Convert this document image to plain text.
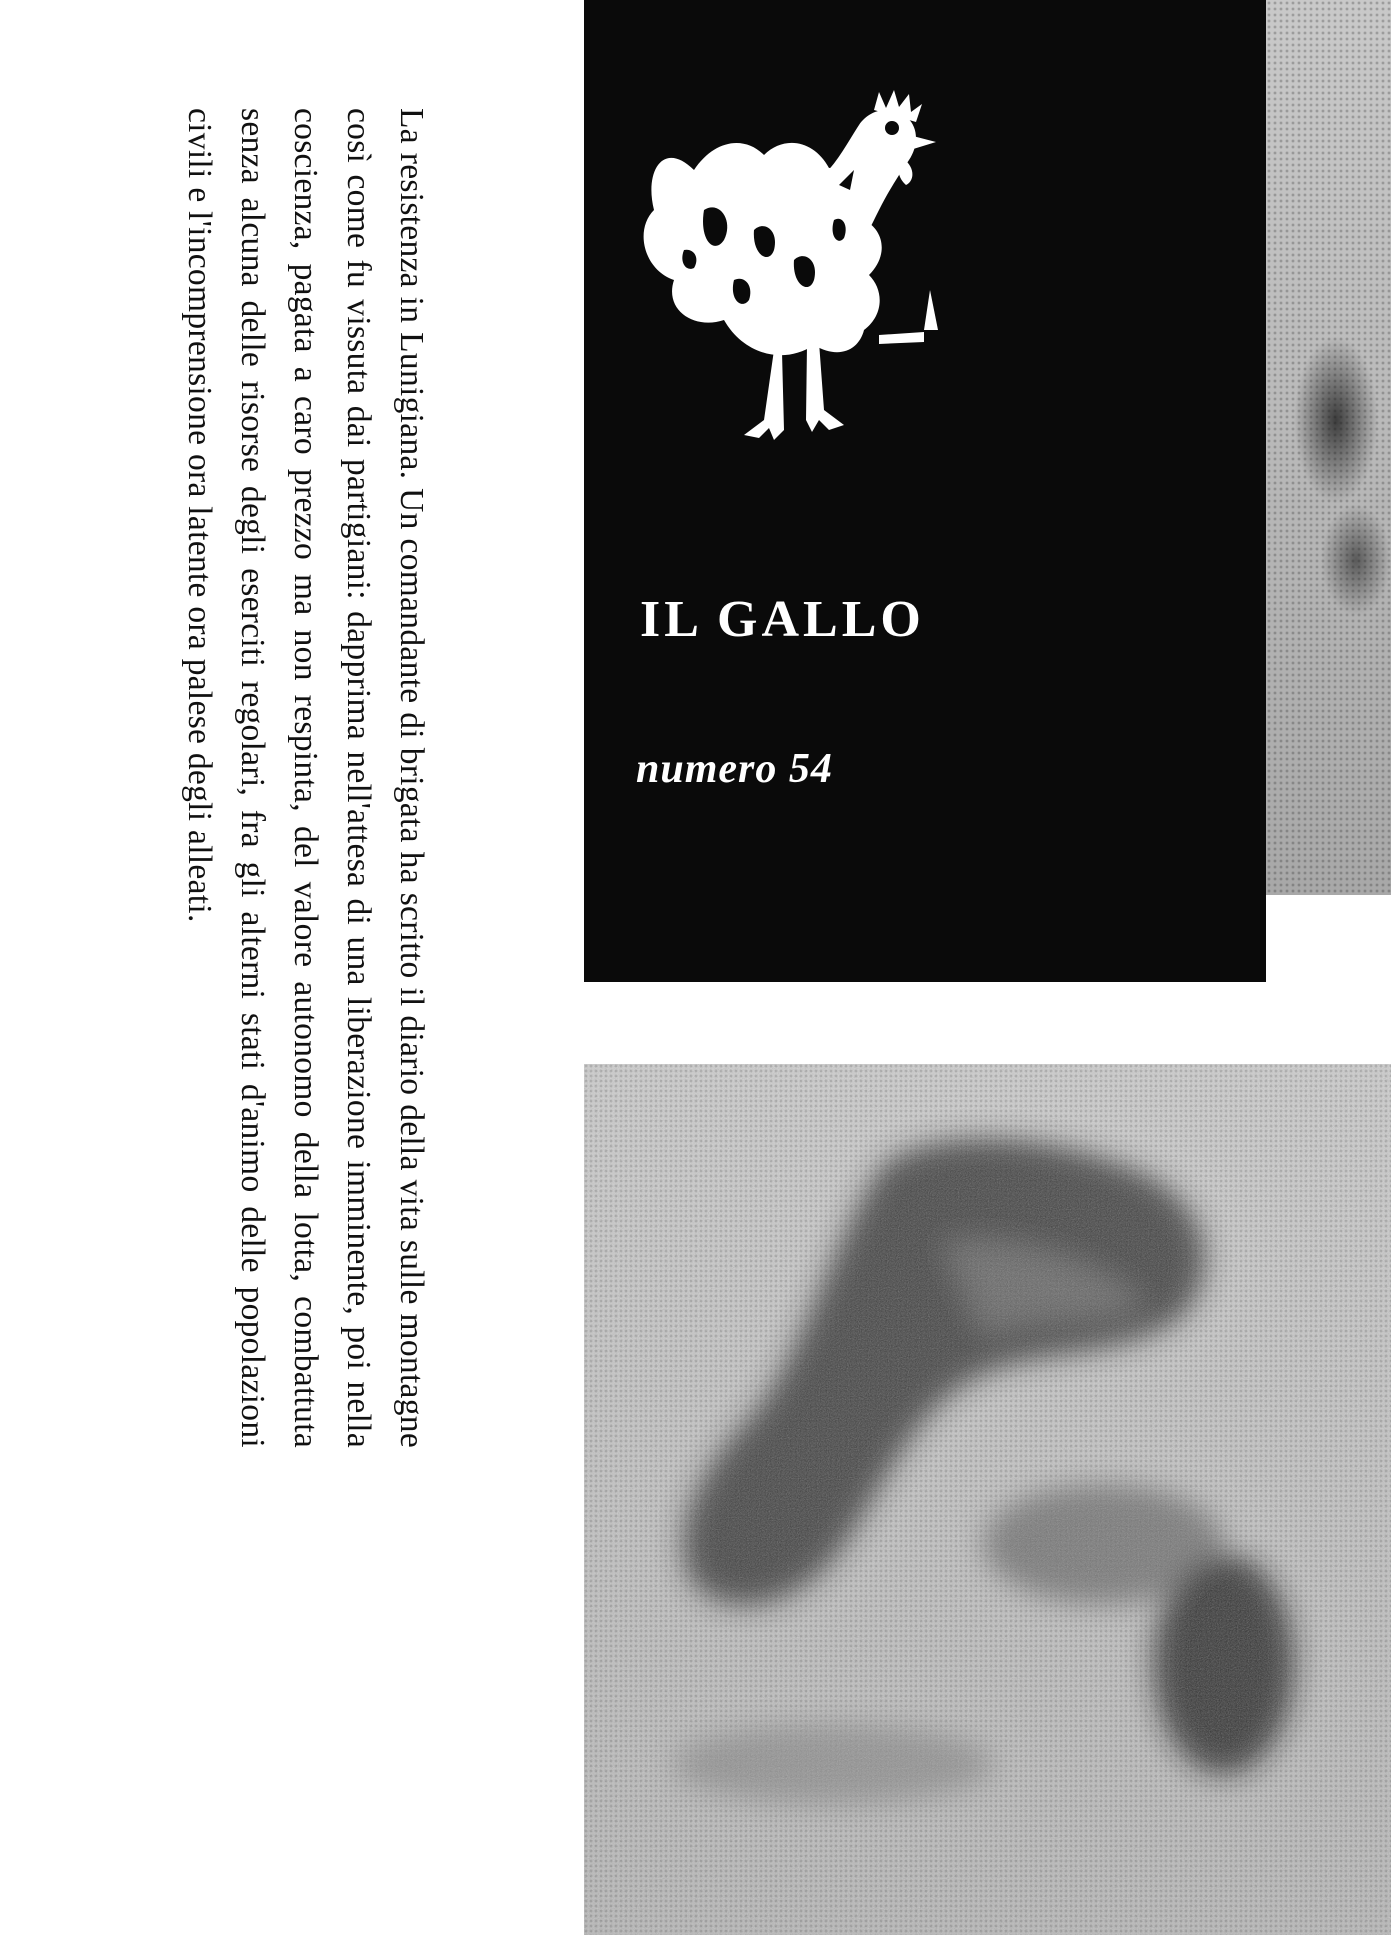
La resistenza in Lunigiana. Un comandante di brigata ha scritto il diario della vita sulle montagne così come fu vissuta dai partigiani: dapprima nell'attesa di una liberazione imminente, poi nella coscienza, pagata a caro prezzo ma non respinta, del valore autonomo della lotta, combattuta senza alcuna delle risorse degli eserciti regolari, fra gli alterni stati d'animo delle popolazioni civili e l'incomprensione ora latente ora palese degli alleati.	IL GALLO
numero 54
